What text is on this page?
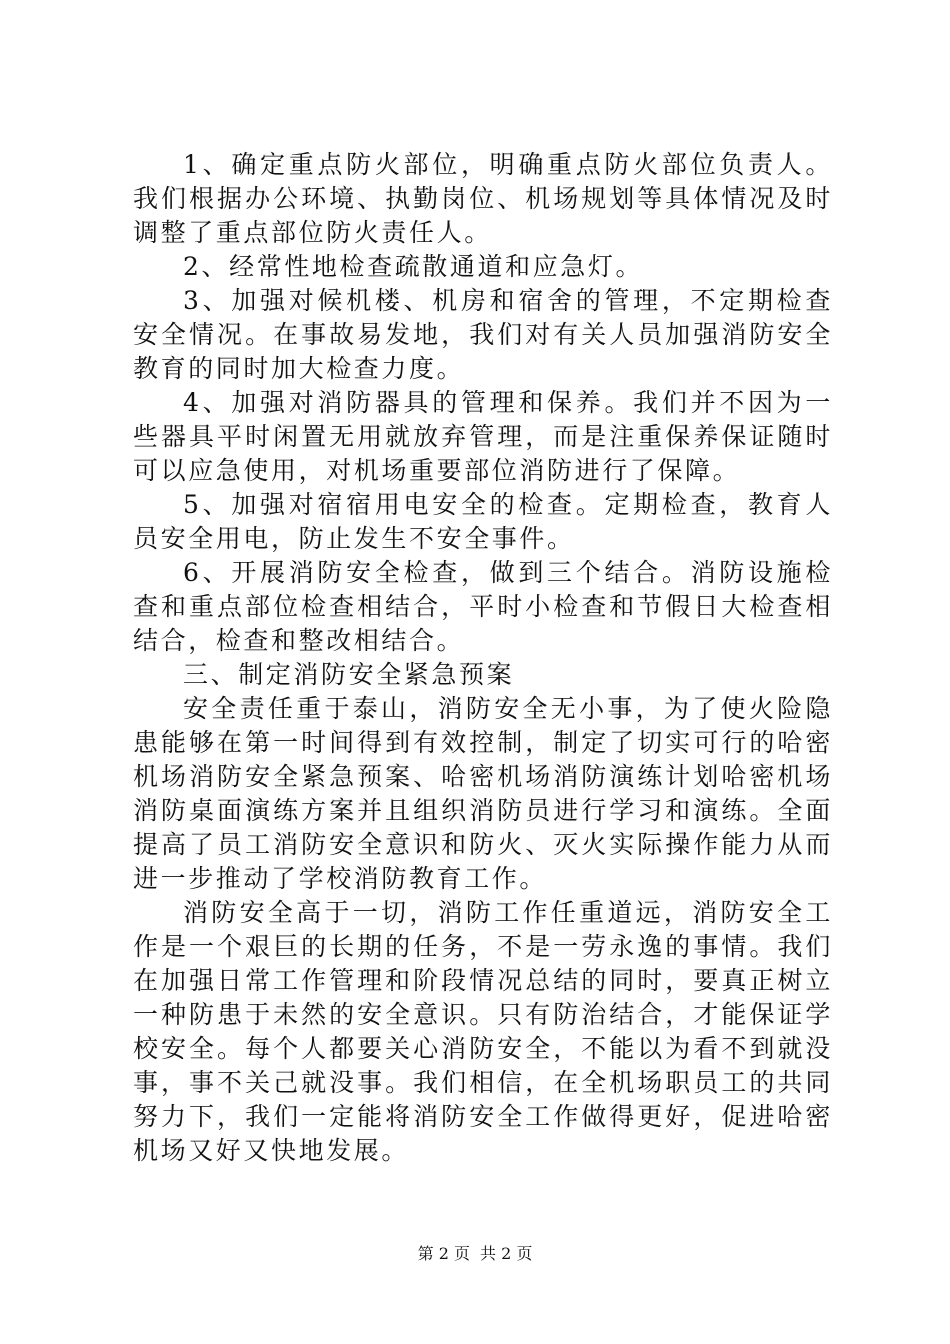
1、确定重点防火部位，明确重点防火部位负责人。我们根据办公环境、执勤岗位、机场规划等具体情况及时调整了重点部位防火责任人。

2、经常性地检查疏散通道和应急灯。

3、加强对候机楼、机房和宿舍的管理，不定期检查安全情况。在事故易发地，我们对有关人员加强消防安全教育的同时加大检查力度。

4、加强对消防器具的管理和保养。我们并不因为一些器具平时闲置无用就放弃管理，而是注重保养保证随时可以应急使用，对机场重要部位消防进行了保障。

5、加强对宿宿用电安全的检查。定期检查，教育人员安全用电，防止发生不安全事件。

6、开展消防安全检查，做到三个结合。消防设施检查和重点部位检查相结合，平时小检查和节假日大检查相结合，检查和整改相结合。

三、制定消防安全紧急预案

安全责任重于泰山，消防安全无小事，为了使火险隐患能够在第一时间得到有效控制，制定了切实可行的哈密机场消防安全紧急预案、哈密机场消防演练计划哈密机场消防桌面演练方案并且组织消防员进行学习和演练。全面提高了员工消防安全意识和防火、灭火实际操作能力从而进一步推动了学校消防教育工作。

消防安全高于一切，消防工作任重道远，消防安全工作是一个艰巨的长期的任务，不是一劳永逸的事情。我们在加强日常工作管理和阶段情况总结的同时，要真正树立一种防患于未然的安全意识。只有防治结合，才能保证学校安全。每个人都要关心消防安全，不能以为看不到就没事，事不关己就没事。我们相信，在全机场职员工的共同努力下，我们一定能将消防安全工作做得更好，促进哈密机场又好又快地发展。

第 2 页 共 2 页
